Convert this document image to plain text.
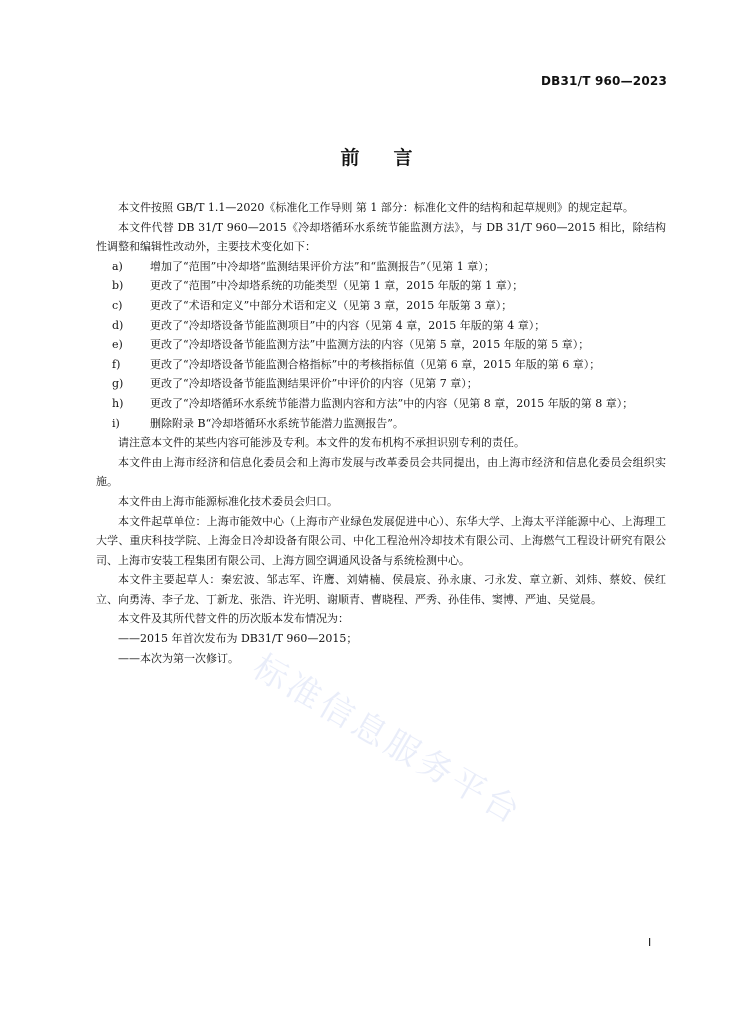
DB31/T 960—2023
前言

本文件按照 GB/T 1.1—2020《标准化工作导则 第 1 部分：标准化文件的结构和起草规则》的规定起草。

本文件代替 DB 31/T 960—2015《冷却塔循环水系统节能监测方法》，与 DB 31/T 960—2015 相比，除结构性调整和编辑性改动外，主要技术变化如下：

a)	增加了“范围”中冷却塔“监测结果评价方法”和“监测报告”（见第 1 章）；
b)	更改了“范围”中冷却塔系统的功能类型（见第 1 章，2015 年版的第 1 章）；
c)	更改了“术语和定义”中部分术语和定义（见第 3 章，2015 年版第 3 章）；
d)	更改了“冷却塔设备节能监测项目”中的内容（见第 4 章，2015 年版的第 4 章）；
e)	更改了“冷却塔设备节能监测方法”中监测方法的内容（见第 5 章，2015 年版的第 5 章）；
f)	更改了“冷却塔设备节能监测合格指标”中的考核指标值（见第 6 章，2015 年版的第 6 章）；
g)	更改了“冷却塔设备节能监测结果评价”中评价的内容（见第 7 章）；
h)	更改了“冷却塔循环水系统节能潜力监测内容和方法”中的内容（见第 8 章，2015 年版的第 8 章）；
i)	删除附录 B“冷却塔循环水系统节能潜力监测报告”。

请注意本文件的某些内容可能涉及专利。本文件的发布机构不承担识别专利的责任。

本文件由上海市经济和信息化委员会和上海市发展与改革委员会共同提出，由上海市经济和信息化委员会组织实施。

本文件由上海市能源标准化技术委员会归口。

本文件起草单位：上海市能效中心（上海市产业绿色发展促进中心）、东华大学、上海太平洋能源中心、上海理工大学、重庆科技学院、上海金日冷却设备有限公司、中化工程沧州冷却技术有限公司、上海燃气工程设计研究有限公司、上海市安装工程集团有限公司、上海方圆空调通风设备与系统检测中心。

本文件主要起草人：秦宏波、邹志军、许鹰、刘婧楠、侯晨宸、孙永康、刁永发、章立新、刘炜、蔡姣、侯红立、向勇涛、李子龙、丁新龙、张浩、许光明、谢顺青、曹晓程、严秀、孙佳伟、窦博、严迪、吴觉晨。

本文件及其所代替文件的历次版本发布情况为：

——2015 年首次发布为 DB31/T 960—2015；
——本次为第一次修订。 标准信息服务平台
I
